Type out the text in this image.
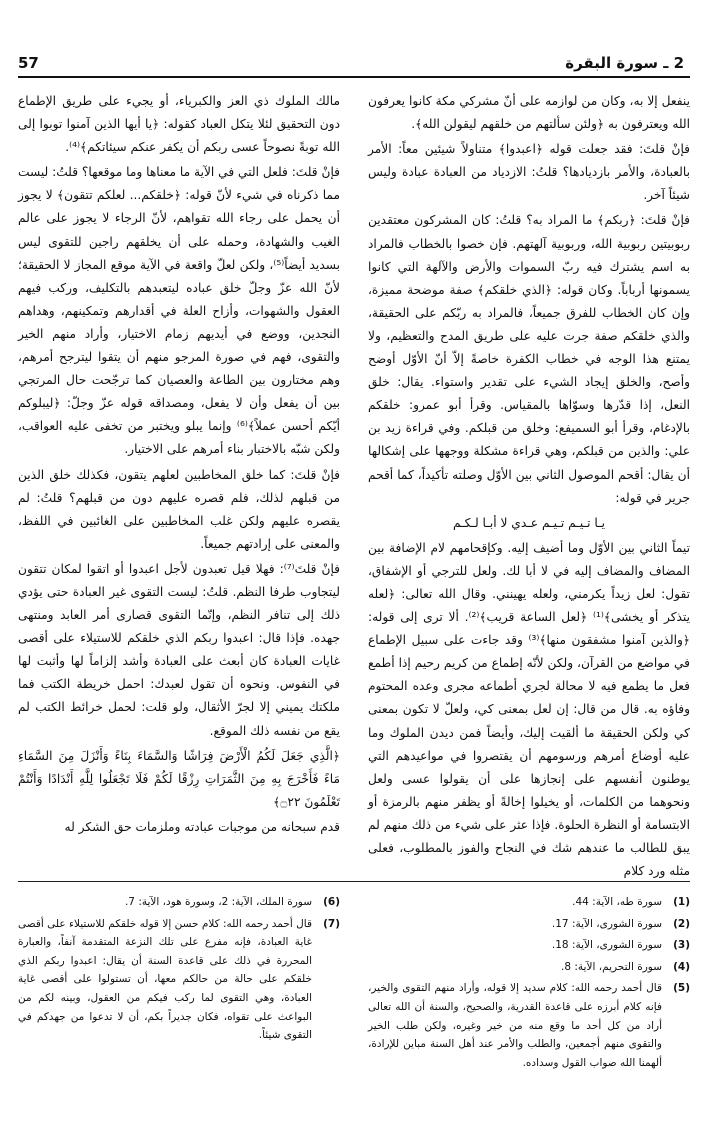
57	2 ـ سورة البقرة

ينفعل إلا به، وكان من لوازمه على أنّ مشركي مكة كانوا يعرفون الله ويعترفون به ﴿ولئن سألتهم من خلقهم ليقولن الله﴾.

فإنْ قلتَ: فقد جعلت قوله ﴿اعبدوا﴾ متناولاً شيئين معاً: الأمر بالعبادة، والأمر بازديادها؟ قلتُ: الازدياد من العبادة عبادة وليس شيئاً آخر.

فإنْ قلتَ: ﴿ربكم﴾ ما المراد به؟ قلتُ: كان المشركون معتقدين ربوبيتين ربوبية الله، وربوبية آلهتهم. فإن خصوا بالخطاب فالمراد به اسم يشترك فيه ربّ السموات والأرض والآلهة التي كانوا يسمونها أرباباً. وكان قوله: ﴿الذي خلقكم﴾ صفة موضحة مميزة، وإن كان الخطاب للفرق جميعاً، فالمراد به ربّكم على الحقيقة، والذي خلقكم صفة جرت عليه على طريق المدح والتعظيم، ولا يمتنع هذا الوجه في خطاب الكفرة خاصةً إلاّ أنّ الأوّل أوضح وأصح، والخلق إيجاد الشيء على تقدير واستواء. يقال: خلق النعل، إذا قدّرها وسوّاها بالمقياس. وقرأ أبو عمرو: خلقكم بالإدغام، وقرأ أبو السميفع: وخلق من قبلكم. وفي قراءة زيد بن علي: والذين من قبلكم، وهي قراءة مشكلة ووجهها على إشكالها أن يقال: أقحم الموصول الثاني بين الأوّل وصلته تأكيداً، كما أقحم جرير في قوله:

يـا تـيـم تـيـم عـدي لا أبـا لـكـم

تيماً الثاني بين الأوّل وما أضيف إليه. وكإقحامهم لام الإضافة بين المضاف والمضاف إليه في لا أبا لك. ولعل للترجي أو الإشفاق، تقول: لعل زيداً يكرمني، ولعله يهينني. وقال الله تعالى: ﴿لعله يتذكر أو يخشى﴾⁽¹⁾ ﴿لعل الساعة قريب﴾⁽²⁾. ألا ترى إلى قوله: ﴿والذين آمنوا مشفقون منها﴾⁽³⁾ وقد جاءت على سبيل الإطماع في مواضع من القرآن، ولكن لأنّه إطماع من كريم رحيم إذا أطمع فعل ما يطمع فيه لا محالة لجري أطماعه مجرى وعده المحتوم وفاؤه به. قال من قال: إن لعل بمعنى كي، ولعلّ لا تكون بمعنى كي ولكن الحقيقة ما ألقيت إليك، وأيضاً فمن ديدن الملوك وما عليه أوضاع أمرهم ورسومهم أن يقتصروا في مواعيدهم التي يوطنون أنفسهم على إنجازها على أن يقولوا عسى ولعل ونحوهما من الكلمات، أو يخيلوا إخالةً أو يظفر منهم بالرمزة أو الابتسامة أو النظرة الحلوة. فإذا عثر على شيء من ذلك منهم لم يبق للطالب ما عندهم شك في النجاح والفوز بالمطلوب، فعلى مثله ورد كلام

مالك الملوك ذي العز والكبرياء، أو يجيء على طريق الإطماع دون التحقيق لئلا يتكل العباد كقوله: ﴿يا أيها الذين آمنوا توبوا إلى الله توبةً نصوحاً عسى ربكم أن يكفر عنكم سيئاتكم﴾⁽⁴⁾.

فإنْ قلتَ: فلعل التي في الآية ما معناها وما موقعها؟ قلتُ: ليست مما ذكرناه في شيء لأنّ قوله: ﴿خلقكم... لعلكم تتقون﴾ لا يجوز أن يحمل على رجاء الله تقواهم، لأنّ الرجاء لا يجوز على عالم الغيب والشهادة، وحمله على أن يخلقهم راجين للتقوى ليس بسديد أيضاً⁽⁵⁾، ولكن لعلّ واقعة في الآية موقع المجاز لا الحقيقة؛ لأنّ الله عزّ وجلّ خلق عباده ليتعبدهم بالتكليف، وركب فيهم العقول والشهوات، وأزاح العلة في أقدارهم وتمكينهم، وهداهم النجدين، ووضع في أيديهم زمام الاختيار، وأراد منهم الخير والتقوى، فهم في صورة المرجو منهم أن يتقوا ليترجح أمرهم، وهم مختارون بين الطاعة والعصيان كما ترجّحت حال المرتجي بين أن يفعل وأن لا يفعل، ومصداقه قوله عزّ وجلّ: ﴿ليبلوكم أيّكم أحسن عملاً﴾⁽⁶⁾ وإنما يبلو ويختبر من تخفى عليه العواقب، ولكن شبّه بالاختبار بناء أمرهم على الاختيار.

فإنْ قلتَ: كما خلق المخاطبين لعلهم يتقون، فكذلك خلق الذين من قبلهم لذلك، فلم قصره عليهم دون من قبلهم؟ قلتُ: لم يقصره عليهم ولكن غلب المخاطبين على الغائبين في اللفظ، والمعنى على إرادتهم جميعاً.

فإنْ قلتَ⁽⁷⁾: فهلا قيل تعبدون لأجل اعبدوا أو اتقوا لمكان تتقون ليتجاوب طرفا النظم. قلتُ: ليست التقوى غير العبادة حتى يؤدي ذلك إلى تنافر النظم، وإنّما التقوى قصارى أمر العابد ومنتهى جهده. فإذا قال: اعبدوا ربكم الذي خلقكم للاستيلاء على أقصى غايات العبادة كان أبعث على العبادة وأشد إلزاماً لها وأثبت لها في النفوس. ونحوه أن تقول لعبدك: احمل خريطة الكتب فما ملكتك يميني إلا لجرّ الأثقال، ولو قلت: لحمل خرائط الكتب لم يقع من نفسه ذلك الموقع.

﴿الَّذِي جَعَلَ لَكُمُ الْأَرْضَ فِرَاشًا وَالسَّمَاءَ بِنَاءً وَأَنْزَلَ مِنَ السَّمَاءِ مَاءً فَأَخْرَجَ بِهِ مِنَ الثَّمَرَاتِ رِزْقًا لَكُمْ فَلَا تَجْعَلُوا لِلَّهِ أَنْدَادًا وَأَنْتُمْ تَعْلَمُونَ ۝٢٢﴾

قدم سبحانه من موجبات عبادته وملزمات حق الشكر له

(1)
سورة طه، الآية: 44.
(2)
سورة الشورى، الآية: 17.
(3)
سورة الشورى، الآية: 18.
(4)
سورة التحريم، الآية: 8.
(5)
قال أحمد رحمه الله: كلام سديد إلا قوله، وأراد منهم التقوى والخير، فإنه كلام أبرزه على قاعدة القدرية، والصحيح، والسنة أن الله تعالى أراد من كل أحد ما وقع منه من خير وغيره، ولكن طلب الخير والتقوى منهم أجمعين، والطلب والأمر عند أهل السنة مباين للإرادة، ألهمنا الله صواب القول وسداده.
(6)
سورة الملك، الآية: 2، وسورة هود، الآية: 7.
(7)
قال أحمد رحمه الله: كلام حسن إلا قوله خلقكم للاستيلاء على أقصى غاية العبادة، فإنه مفرع على تلك النزعة المتقدمة آنفاً، والعبارة المحررة في ذلك على قاعدة السنة أن يقال: اعبدوا ربكم الذي خلقكم على حالة من حالكم معها، أن تستولوا على أقصى غاية العبادة، وهي التقوى لما ركب فيكم من العقول، وبينه لكم من البواعث على تقواه، فكان جديراً بكم، أن لا تدعوا من جهدكم في التقوى شيئاً.
